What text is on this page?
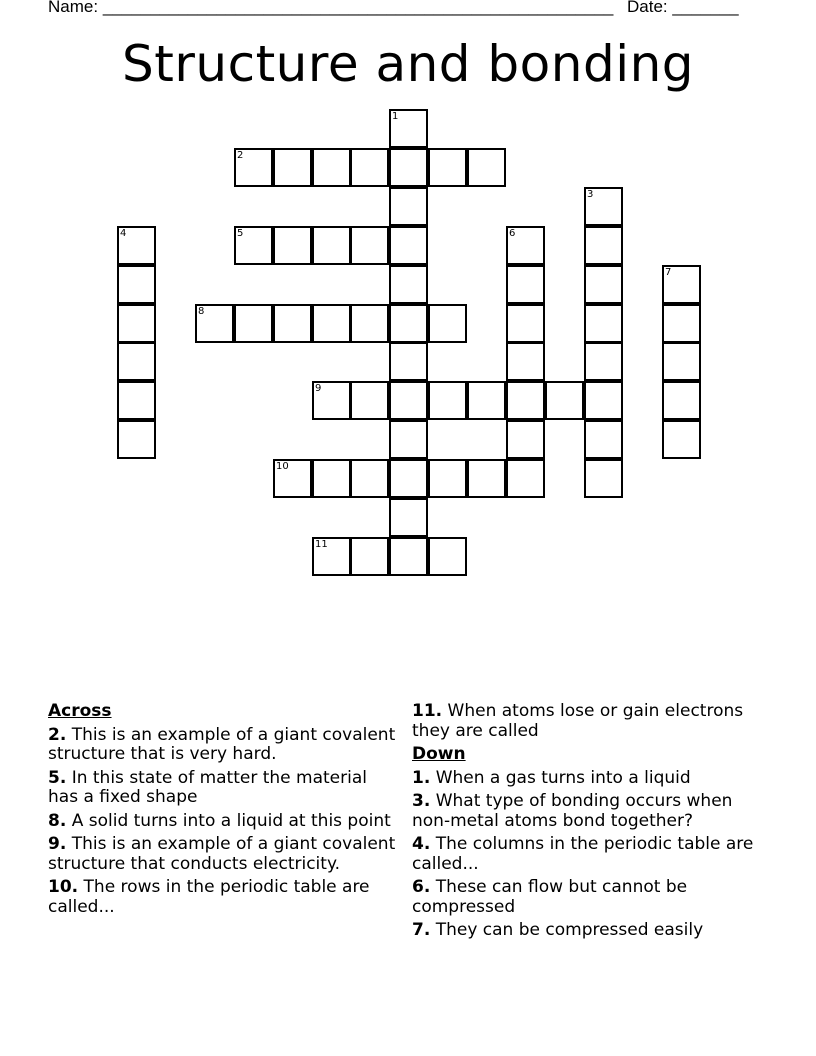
Name: ______________________________________________________ Date: _______
Structure and bonding
2
5
8
9
10
11
1
3
4	6
7
Across
2. This is an example of a giant covalent structure that is very hard.
5. In this state of matter the material has a fixed shape
8. A solid turns into a liquid at this point
9. This is an example of a giant covalent structure that conducts electricity.
10. The rows in the periodic table are called...
11. When atoms lose or gain electrons they are called
Down
1. When a gas turns into a liquid
3. What type of bonding occurs when non-metal atoms bond together?
4. The columns in the periodic table are called...
6. These can flow but cannot be compressed
7. They can be compressed easily
